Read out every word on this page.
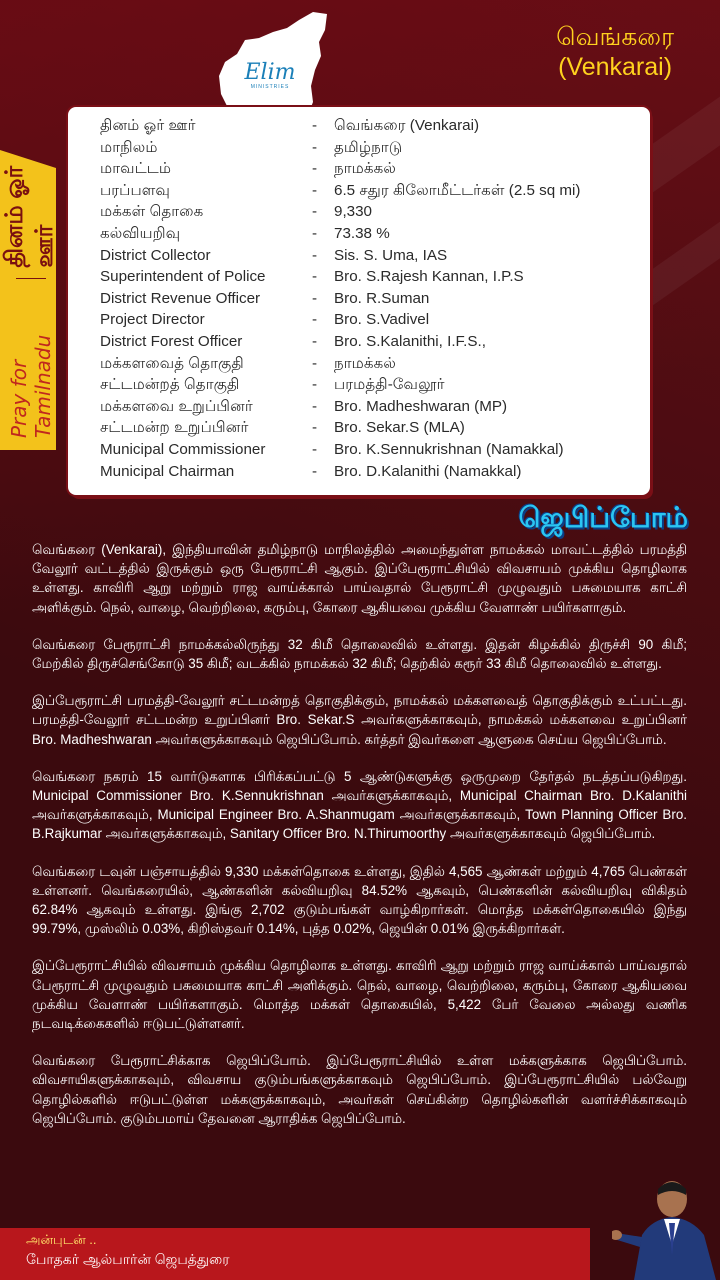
Elim
MINISTRIES
வெங்கரை
(Venkarai)
Pray for Tamilnadu
தினம் ஓர் ஊர்
தினம் ஓர் ஊர்	-	வெங்கரை (Venkarai)
மாநிலம்	-	தமிழ்நாடு
மாவட்டம்	-	நாமக்கல்
பரப்பளவு	-	6.5 சதுர கிலோமீட்டர்கள் (2.5 sq mi)
மக்கள் தொகை	-	9,330
கல்வியறிவு	-	73.38 %
District Collector	-	Sis. S. Uma, IAS
Superintendent of Police	-	Bro. S.Rajesh Kannan, I.P.S
District Revenue Officer	-	Bro. R.Suman
Project Director	-	Bro. S.Vadivel
District Forest Officer	-	Bro. S.Kalanithi, I.F.S.,
மக்களவைத் தொகுதி	-	நாமக்கல்
சட்டமன்றத் தொகுதி	-	பரமத்தி-வேலூர்
மக்களவை உறுப்பினர்	-	Bro. Madheshwaran (MP)
சட்டமன்ற உறுப்பினர்	-	Bro. Sekar.S (MLA)
Municipal Commissioner	-	Bro. K.Sennukrishnan (Namakkal)
Municipal Chairman	-	Bro. D.Kalanithi (Namakkal)
ஜெபிப்போம்

வெங்கரை (Venkarai), இந்தியாவின் தமிழ்நாடு மாநிலத்தில் அமைந்துள்ள நாமக்கல் மாவட்டத்தில் பரமத்தி வேலூர் வட்டத்தில் இருக்கும் ஒரு பேரூராட்சி ஆகும். இப்பேரூராட்சியில் விவசாயம் முக்கிய தொழிலாக உள்ளது. காவிரி ஆறு மற்றும் ராஜ வாய்க்கால் பாய்வதால் பேரூராட்சி முழுவதும் பசுமையாக காட்சி அளிக்கும். நெல், வாழை, வெற்றிலை, கரும்பு, கோரை ஆகியவை முக்கிய வேளாண் பயிர்களாகும்.

வெங்கரை பேரூராட்சி நாமக்கல்லிருந்து 32 கிமீ தொலைவில் உள்ளது. இதன் கிழக்கில் திருச்சி 90 கிமீ; மேற்கில் திருச்செங்கோடு 35 கிமீ; வடக்கில் நாமக்கல் 32 கிமீ; தெற்கில் கரூர் 33 கிமீ தொலைவில் உள்ளது.

இப்பேரூராட்சி பரமத்தி-வேலூர் சட்டமன்றத் தொகுதிக்கும், நாமக்கல் மக்களவைத் தொகுதிக்கும் உட்பட்டது. பரமத்தி-வேலூர் சட்டமன்ற உறுப்பினர் Bro. Sekar.S அவர்களுக்காகவும், நாமக்கல் மக்களவை உறுப்பினர் Bro. Madheshwaran அவர்களுக்காகவும் ஜெபிப்போம். கர்த்தர் இவர்களை ஆளுகை செய்ய ஜெபிப்போம்.

வெங்கரை நகரம் 15 வார்டுகளாக பிரிக்கப்பட்டு 5 ஆண்டுகளுக்கு ஒருமுறை தேர்தல் நடத்தப்படுகிறது. Municipal Commissioner Bro. K.Sennukrishnan அவர்களுக்காகவும், Municipal Chairman Bro. D.Kalanithi அவர்களுக்காகவும், Municipal Engineer Bro. A.Shanmugam அவர்களுக்காகவும், Town Planning Officer Bro. B.Rajkumar அவர்களுக்காகவும், Sanitary Officer Bro. N.Thirumoorthy அவர்களுக்காகவும் ஜெபிப்போம்.

வெங்கரை டவுன் பஞ்சாயத்தில் 9,330 மக்கள்தொகை உள்ளது, இதில் 4,565 ஆண்கள் மற்றும் 4,765 பெண்கள் உள்ளனர். வெங்கரையில், ஆண்களின் கல்வியறிவு 84.52% ஆகவும், பெண்களின் கல்வியறிவு விகிதம் 62.84% ஆகவும் உள்ளது. இங்கு 2,702 குடும்பங்கள் வாழ்கிறார்கள். மொத்த மக்கள்தொகையில் இந்து 99.79%, முஸ்லிம் 0.03%, கிறிஸ்தவர் 0.14%, புத்த 0.02%, ஜெயின் 0.01% இருக்கிறார்கள்.

இப்பேரூராட்சியில் விவசாயம் முக்கிய தொழிலாக உள்ளது. காவிரி ஆறு மற்றும் ராஜ வாய்க்கால் பாய்வதால் பேரூராட்சி முழுவதும் பசுமையாக காட்சி அளிக்கும். நெல், வாழை, வெற்றிலை, கரும்பு, கோரை ஆகியவை முக்கிய வேளாண் பயிர்களாகும். மொத்த மக்கள் தொகையில், 5,422 பேர் வேலை அல்லது வணிக நடவடிக்கைகளில் ஈடுபட்டுள்ளனர்.

வெங்கரை பேரூராட்சிக்காக ஜெபிப்போம். இப்பேரூராட்சியில் உள்ள மக்களுக்காக ஜெபிப்போம். விவசாயிகளுக்காகவும், விவசாய குடும்பங்களுக்காகவும் ஜெபிப்போம். இப்பேரூராட்சியில் பல்வேறு தொழில்களில் ஈடுபட்டுள்ள மக்களுக்காகவும், அவர்கள் செய்கின்ற தொழில்களின் வளர்ச்சிக்காகவும் ஜெபிப்போம். குடும்பமாய் தேவனை ஆராதிக்க ஜெபிப்போம்.

அன்புடன் ..
போதகர் ஆல்பார்ன் ஜெபத்துரை
